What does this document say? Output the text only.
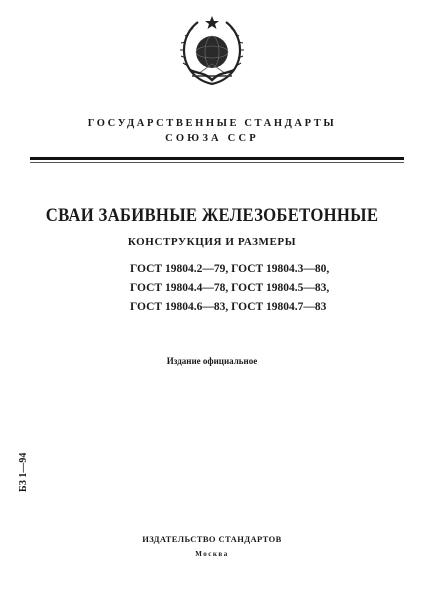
ГОСУДАРСТВЕННЫЕ СТАНДАРТЫ
СОЮЗА ССР
СВАИ ЗАБИВНЫЕ ЖЕЛЕЗОБЕТОННЫЕ
КОНСТРУКЦИЯ И РАЗМЕРЫ
ГОСТ 19804.2—79, ГОСТ 19804.3—80,
ГОСТ 19804.4—78, ГОСТ 19804.5—83,
ГОСТ 19804.6—83, ГОСТ 19804.7—83
Издание официальное
БЗ 1—94
ИЗДАТЕЛЬСТВО СТАНДАРТОВ
Москва
